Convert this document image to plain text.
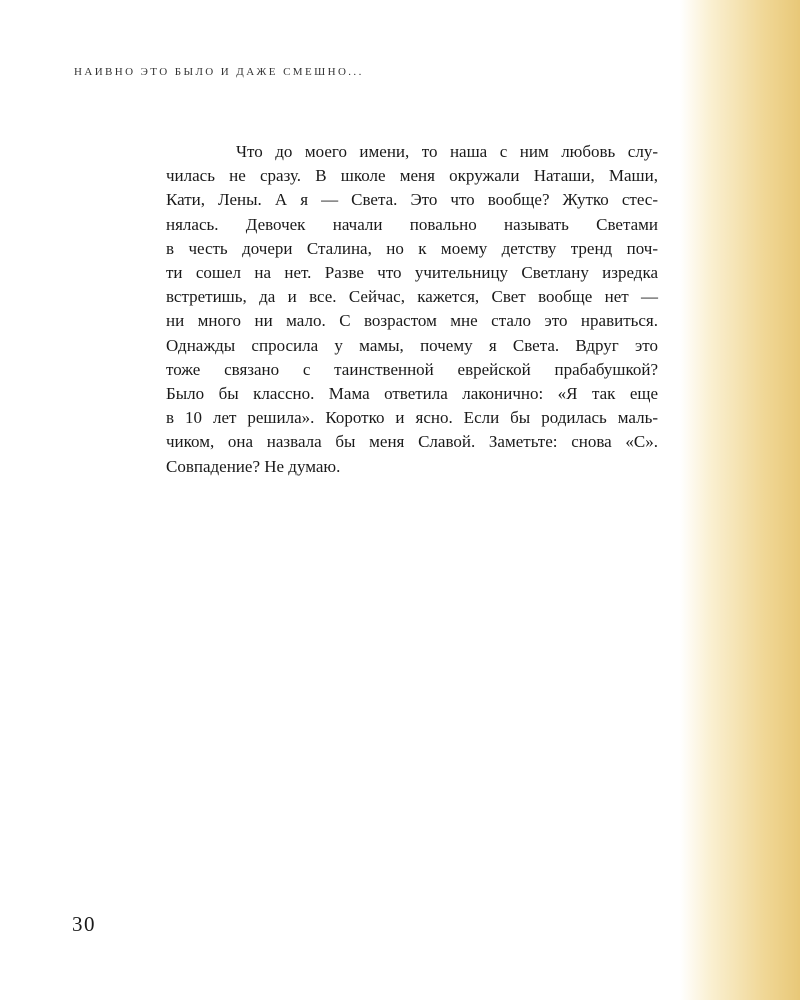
НАИВНО ЭТО БЫЛО И ДАЖЕ СМЕШНО...
Что до моего имени, то наша с ним любовь слу-
чилась не сразу. В школе меня окружали Наташи, Маши,
Кати, Лены. А я — Света. Это что вообще? Жутко стес-
нялась. Девочек начали повально называть Светами
в честь дочери Сталина, но к моему детству тренд поч-
ти сошел на нет. Разве что учительницу Светлану изредка
встретишь, да и все. Сейчас, кажется, Свет вообще нет —
ни много ни мало. С возрастом мне стало это нравиться.
Однажды спросила у мамы, почему я Света. Вдруг это
тоже связано с таинственной еврейской прабабушкой?
Было бы классно. Мама ответила лаконично: «Я так еще
в 10 лет решила». Коротко и ясно. Если бы родилась маль-
чиком, она назвала бы меня Славой. Заметьте: снова «С».
Совпадение? Не думаю.
30
